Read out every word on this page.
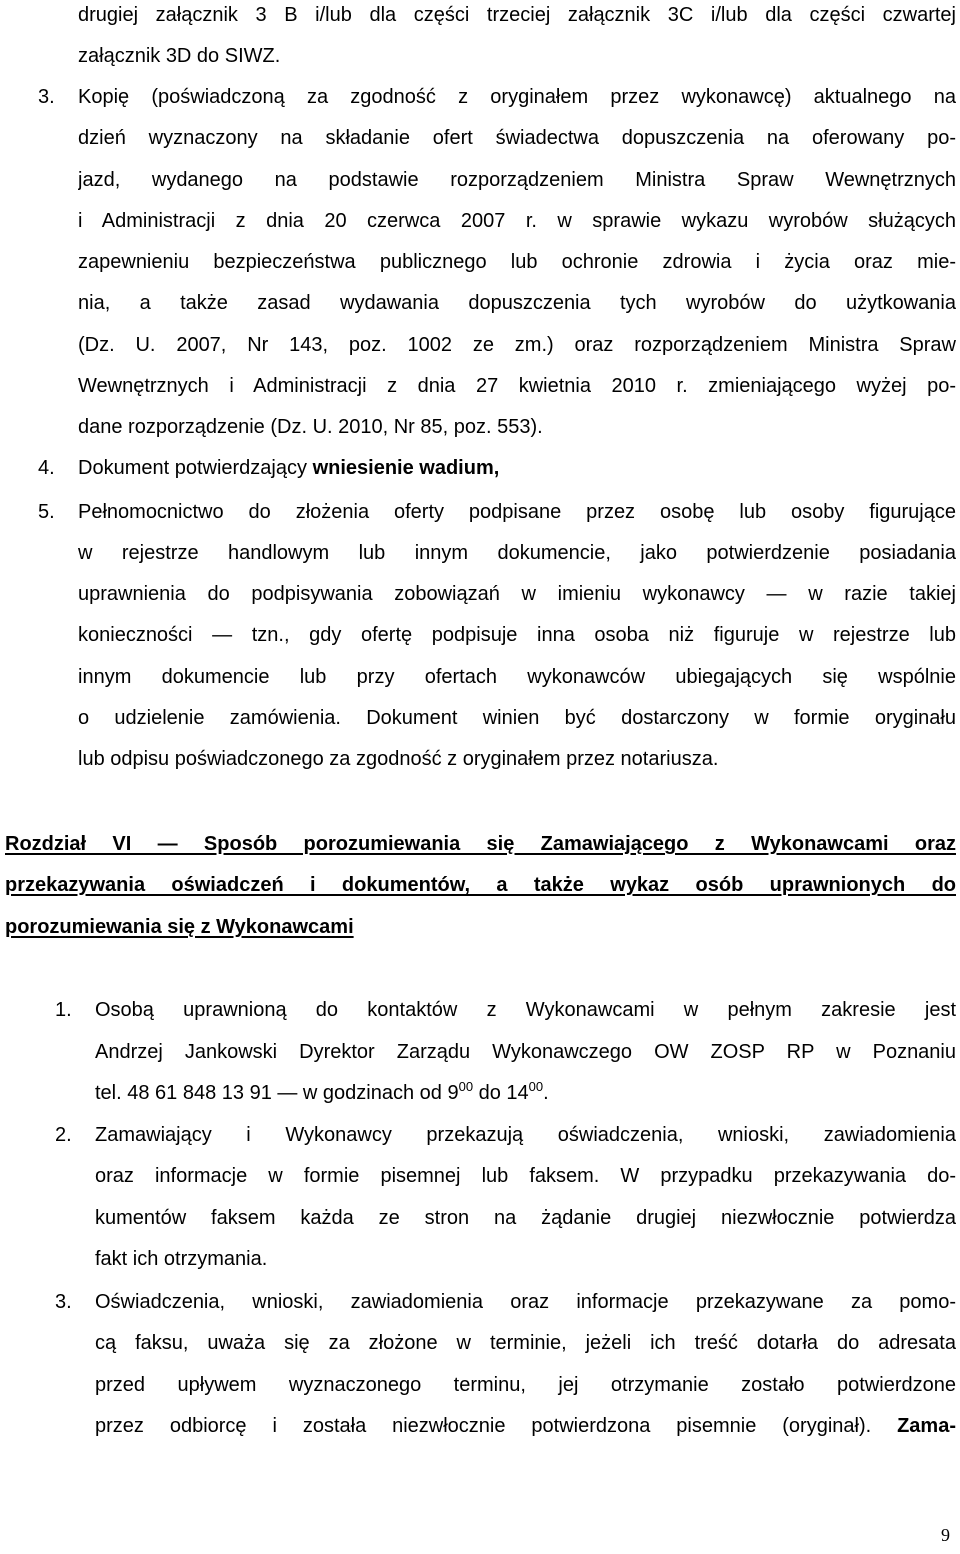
drugiej załącznik 3 B i/lub dla części trzeciej załącznik 3C i/lub dla części czwartej
załącznik 3D do SIWZ.
3. Kopię (poświadczoną za zgodność z oryginałem przez wykonawcę) aktualnego na
dzień wyznaczony na składanie ofert świadectwa dopuszczenia na oferowany po-
jazd, wydanego na podstawie rozporządzeniem Ministra Spraw Wewnętrznych
i Administracji z dnia 20 czerwca 2007 r. w sprawie wykazu wyrobów służących
zapewnieniu bezpieczeństwa publicznego lub ochronie zdrowia i życia oraz mie-
nia, a także zasad wydawania dopuszczenia tych wyrobów do użytkowania
(Dz. U. 2007, Nr 143, poz. 1002 ze zm.) oraz rozporządzeniem Ministra Spraw
Wewnętrznych i Administracji z dnia 27 kwietnia 2010 r. zmieniającego wyżej po-
dane rozporządzenie (Dz. U. 2010, Nr 85, poz. 553).
4. Dokument potwierdzający wniesienie wadium,
5. Pełnomocnictwo do złożenia oferty podpisane przez osobę lub osoby figurujące
w rejestrze handlowym lub innym dokumencie, jako potwierdzenie posiadania
uprawnienia do podpisywania zobowiązań w imieniu wykonawcy — w razie takiej
konieczności — tzn., gdy ofertę podpisuje inna osoba niż figuruje w rejestrze lub
innym dokumencie lub przy ofertach wykonawców ubiegających się wspólnie
o udzielenie zamówienia. Dokument winien być dostarczony w formie oryginału
lub odpisu poświadczonego za zgodność z oryginałem przez notariusza.
Rozdział VI — Sposób porozumiewania się Zamawiającego z Wykonawcami oraz
przekazywania oświadczeń i dokumentów, a także wykaz osób uprawnionych do
porozumiewania się z Wykonawcami
1. Osobą uprawnioną do kontaktów z Wykonawcami w pełnym zakresie jest
Andrzej Jankowski Dyrektor Zarządu Wykonawczego OW ZOSP RP w Poznaniu
tel. 48 61 848 13 91 — w godzinach od $9^{00}$ do $14^{00}$.
2. Zamawiający i Wykonawcy przekazują oświadczenia, wnioski, zawiadomienia
oraz informacje w formie pisemnej lub faksem. W przypadku przekazywania do-
kumentów faksem każda ze stron na żądanie drugiej niezwłocznie potwierdza
fakt ich otrzymania.
3. Oświadczenia, wnioski, zawiadomienia oraz informacje przekazywane za pomo-
cą faksu, uważa się za złożone w terminie, jeżeli ich treść dotarła do adresata
przed upływem wyznaczonego terminu, jej otrzymanie zostało potwierdzone
przez odbiorcę i została niezwłocznie potwierdzona pisemnie (oryginał). Zama-
9
